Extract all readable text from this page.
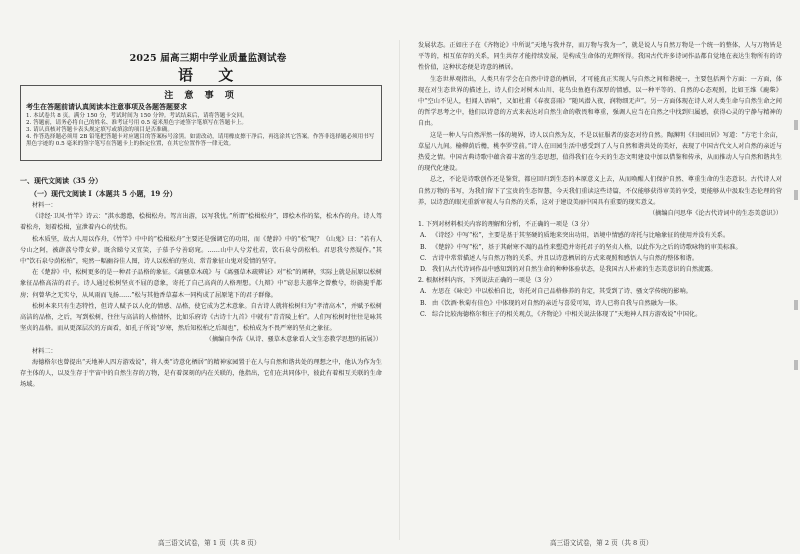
2025 届高三期中学业质量监测试卷
语 文
注 意 事 项
考生在答题前请认真阅读本注意事项及各题答题要求
1. 本试卷共 8 页。满分 150 分，考试时间为 150 分钟。考试结束后，请将答题卡交回。
2. 答题前，请务必将自己的姓名、准考证号用 0.5 毫米黑色字迹签字笔填写在答题卡上。
3. 请认真核对答题卡表头规定填写或填涂的项目是否准确。
4. 作答选择题必须用 2B 铅笔把答题卡对应题目的答案标号涂黑。如需改动，请用橡皮擦干净后，再选涂其它答案。作答非选择题必须用书写黑色字迹的 0.5 毫米的签字笔写在答题卡上的指定位置，在其它位置作答一律无效。
一、现代文阅读（35 分）
（一）现代文阅读 I（本题共 5 小题，19 分）

材料一：

《诗经·卫风·竹竿》诗云：“淇水滺滺，桧楫松舟。驾言出游，以写我忧。”所谓“桧楫松舟”，即桧木作的桨，松木作的舟。诗人驾着松舟，划着桧楫，宣泄着内心的忧伤。

松木质坚，故古人用以作舟，《竹竿》中中的“桧楫松舟”主要还是强调它的功用，而《楚辞》中的“松”呢？《山鬼》曰：“若有人兮山之阿，被薜荔兮带女萝。既含睇兮又宜笑，子慕予兮善窈窕。……山中人兮芳杜若，饮石泉兮荫松柏。君思我兮然疑作。”其中“饮石泉兮荫松柏”，宛然一幅幽谷佳人图，诗人以松柏的坚贞、常青象征山鬼对爱情的坚守。

在《楚辞》中，松树更多的是一种君子品格的象征。《离骚草木疏》与《离骚草木疏辨证》对“松”的阐释，实际上就是屈原以松树象征品格高洁的君子。诗人通过松树坚贞不屈的意象，寄托了自己高尚的人格理想。《九辩》中“窃悲夫蕙华之曾敷兮，纷旖旎乎都房；何曾华之无实兮，从风雨而飞扬……”松与其他香草嘉木一同构成了屈原笔下的君子群像。

松树本来只有生态特性，但诗人赋予以人化的情感、品格，使它成为艺术意象。自古诗人就将松树归为“孝清高木”，并赋予松树高洁的品格，之后，写到松树，往往与高洁的人格情怀，比如乐府诗《古诗十九首》中就有“青青陵上柏”。人们写松树时往往是咏其坚贞的品格。而从更深层次的方面看，如孔子所说“岁寒，然后知松柏之后凋也”，松柏成为不畏严寒的坚贞之象征。

（摘编自李浩《从诗、骚草木意象看人文生态教学思想的拓展》）

材料二：

海德格尔也曾提出“天地神人四方游戏说”，将人类“诗意化栖居”的精神家园置于在人与自然和谐共处的理想之中，他认为作为生存主体的人，以及生存于宇宙中的自然生存的万物，是有着深刻的内在关联的，他指出，它们在共同体中，彼此有着相互关联的生命场域。

高三语文试卷，第 1 页（共 8 页）

发展状态。正如庄子在《齐物论》中所说“天地与我并存，而万物与我为一”，就是说人与自然万物是一个统一的整体，人与万物皆是平等的，相互依存的关系，同生共存才能持续发展，是构成生命体的光辉所得。我国古代许多诗词作品都自觉地在表达生物所有的诗性价值，这种状态便是诗意的栖居。

生态世界观指出，人类只有学会在自然中诗意的栖居，才可能真正实现人与自然之间和谐统一，主要包括两个方面：一方面，体现在对生态世界的描述上，诗人们会对树木山川、花鸟虫鱼抱有深厚的情感，以一种平等的、自然的心态观照，比如王维《鹿柴》中“空山不见人，但闻人语响”，又如杜甫《春夜喜雨》“随风潜入夜，润物细无声”。另一方面体现在诗人对人类生命与自然生命之间的哲学思考之中，他们以诗意的方式来表达对自然生命的敬畏和尊重，强调人应当在自然之中找到归属感，获得心灵的宁静与精神的自由。

这是一种人与自然浑然一体的境界，诗人以自然为友，不是以征服者的姿态对待自然。陶渊明《归园田居》写道：“方宅十余亩，草屋八九间。榆柳荫后檐，桃李罗堂前。”诗人在田园生活中感受到了人与自然和谐共处的美好，表现了中国古代文人对自然的亲近与热爱之情。中国古典诗歌中蕴含着丰富的生态思想，值得我们在今天的生态文明建设中加以借鉴和传承，从而推动人与自然和谐共生的现代化建设。

总之，不论是诗歌创作还是鉴赏，都应回归到生态的本原意义上去，从而唤醒人们保护自然、尊重生命的生态意识。古代诗人对自然万物的书写，为我们留下了宝贵的生态智慧，今天我们重读这些诗篇，不仅能够获得审美的享受，更能够从中汲取生态伦理的营养，以诗意的眼光重新审视人与自然的关系，这对于建设美丽中国具有重要的现实意义。

（摘编自闫思华《论古代诗词中的生态美意识》）

1. 下列对材料相关内容的理解和分析，不正确的一项是（3 分）

A. 《诗经》中写“松”，主要是基于其坚硬的质地来突出功用，语境中情感的寄托与比喻象征的使用并没有关系。

B. 《楚辞》中写“松”，基于其耐寒不凋的品性来塑造并寄托君子的坚贞人格，以此作为之后的诗歌咏物的审美标准。

C. 古诗中常常描述人与自然万物的关系，并且以诗意栖居的方式来观照和感悟人与自然的整体和谐。

D. 我们从古代诗词作品中感知到的对自然生命的种种体验状态，是我国古人朴素的生态美意识的自然流露。

2. 根据材料内容，下列说法正确的一项是（3 分）

A. 左思在《咏史》中以松柏自比，寄托对自己品格修养的肯定，其受到了诗、骚文学传统的影响。

B. 由《饮酒·秋菊有佳色》中体现的对自然的亲近与喜爱可知，诗人已将自我与自然融为一体。

C. 综合比较海德格尔和庄子的相关观点，《齐物论》中相关说法体现了“天地神人四方游戏说”中国化。

高三语文试卷，第 2 页（共 8 页）
